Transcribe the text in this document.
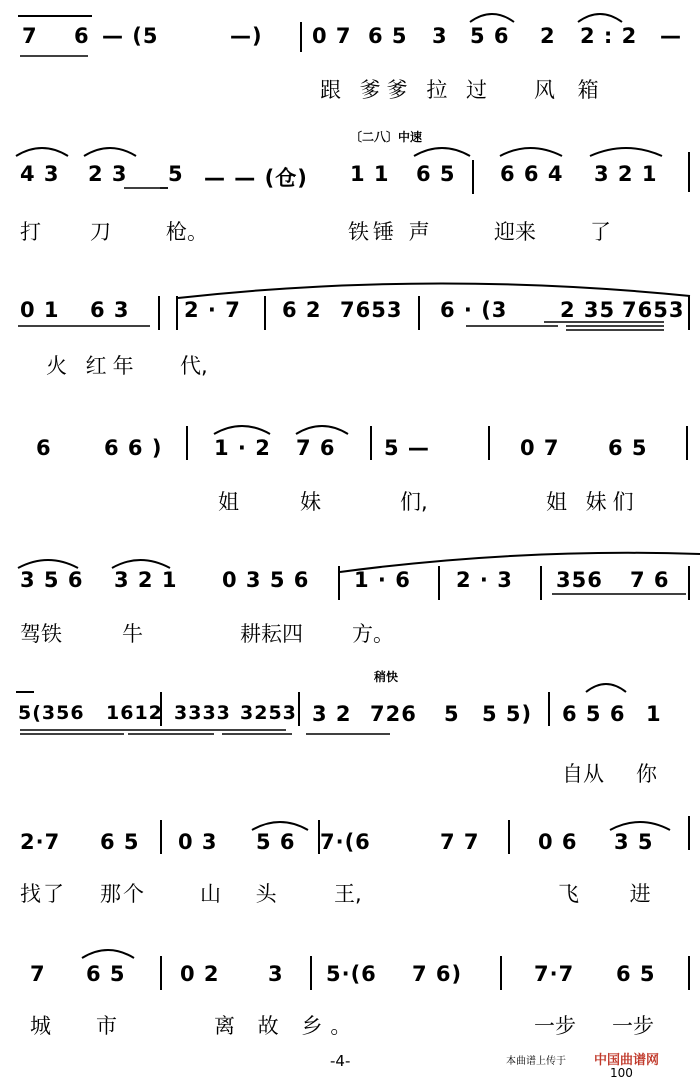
7 6 — (5	—) 0 7 6 5 3 5 6 2 2 : 2 —
跟 爹爹 拉 过 风 箱
〔二八〕中速
4 3 2 3 5 — — (仓) 1 1 6 5 6 6 4 3 2 1
打 刀	枪。	铁锤 声	迎来	了
0 1 6 3	2 · 7 6 2 7653 6 · (3	2 35 7653
火 红年 代,
6 6 6 ) 1 · 2 7 6 5 —	0 7 6 5
姐	妹	们,	姐 妹们
3 5 6 3 2 1 0 3 5 6 1 · 6 2 · 3 356 7 6
驾铁	牛	耕耘四 方。
稍快
5(356 1612 3333 3253 3 2 726 5 5 5) 6 5 6 1
自从 你
2·7 6 5 0 3 5 6 7·(6	7 7	0 6 3 5
找了 那个	山 头 王,	飞 进
7 6 5	0 2 3 5·(6 7 6)	7·7 6 5
城 市	离 故 乡。	一步 一步
-4-	本曲谱上传于 中国曲谱网
100
